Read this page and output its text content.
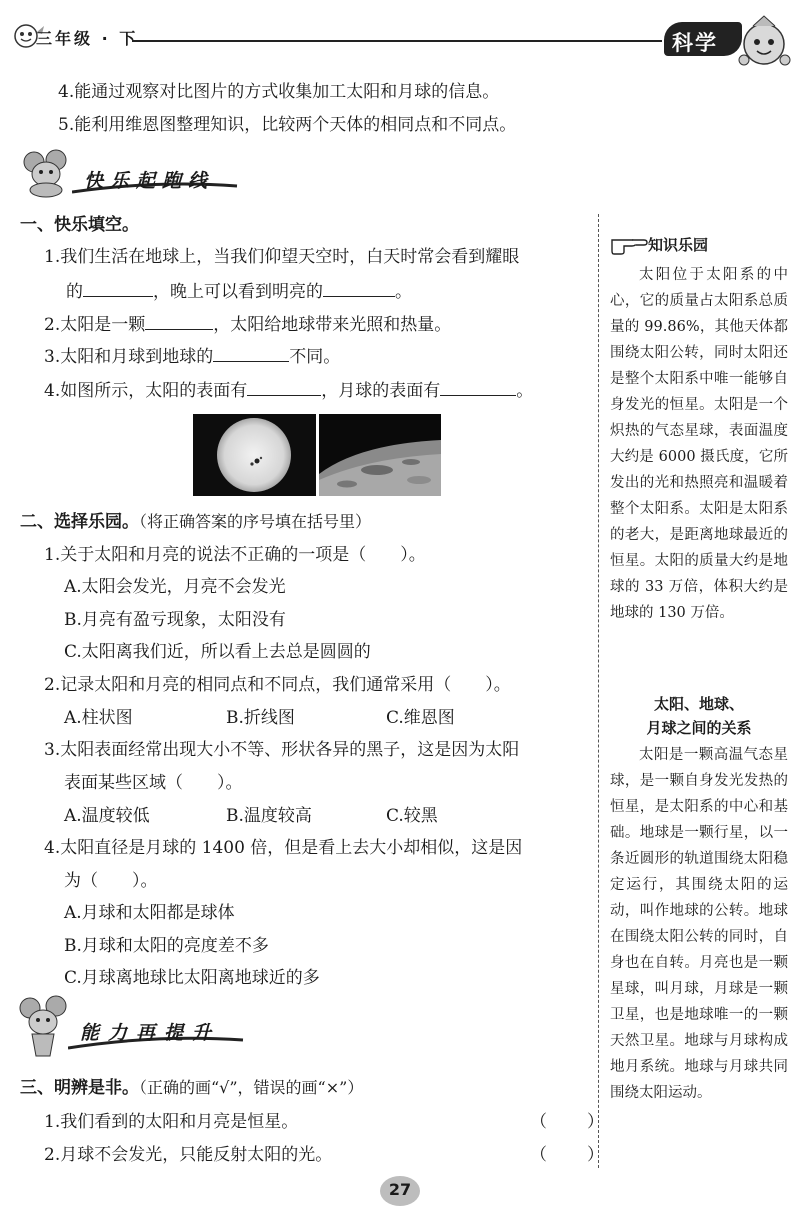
三年级 · 下	科学
4.能通过观察对比图片的方式收集加工太阳和月球的信息。
5.能利用维恩图整理知识，比较两个天体的相同点和不同点。
快乐起跑线
一、快乐填空。
1.我们生活在地球上，当我们仰望天空时，白天时常会看到耀眼
的	，晚上可以看到明亮的	。
2.太阳是一颗	，太阳给地球带来光照和热量。
3.太阳和月球到地球的	不同。
4.如图所示，太阳的表面有	，月球的表面有	。
二、选择乐园。（将正确答案的序号填在括号里）
1.关于太阳和月亮的说法不正确的一项是（　　）。
A.太阳会发光，月亮不会发光
B.月亮有盈亏现象，太阳没有
C.太阳离我们近，所以看上去总是圆圆的
2.记录太阳和月亮的相同点和不同点，我们通常采用（　　）。
A.柱状图	B.折线图	C.维恩图
3.太阳表面经常出现大小不等、形状各异的黑子，这是因为太阳
表面某些区域（　　）。
A.温度较低	B.温度较高	C.较黑
4.太阳直径是月球的 1400 倍，但是看上去大小却相似，这是因
为（　　）。
A.月球和太阳都是球体
B.月球和太阳的亮度差不多
C.月球离地球比太阳离地球近的多
能力再提升
三、明辨是非。（正确的画“√”，错误的画“×”）
1.我们看到的太阳和月亮是恒星。	（ ）
2.月球不会发光，只能反射太阳的光。	（ ）
知识乐园

太阳位于太阳系的中心，它的质量占太阳系总质量的 99.86%，其他天体都围绕太阳公转，同时太阳还是整个太阳系中唯一能够自身发光的恒星。太阳是一个炽热的气态星球，表面温度大约是 6000 摄氏度，它所发出的光和热照亮和温暖着整个太阳系。太阳是太阳系的老大，是距离地球最近的恒星。太阳的质量大约是地球的 33 万倍，体积大约是地球的 130 万倍。

太阳、地球、
月球之间的关系

太阳是一颗高温气态星球，是一颗自身发光发热的恒星，是太阳系的中心和基础。地球是一颗行星，以一条近圆形的轨道围绕太阳稳定运行，其围绕太阳的运动，叫作地球的公转。地球在围绕太阳公转的同时，自身也在自转。月亮也是一颗星球，叫月球，月球是一颗卫星，也是地球唯一的一颗天然卫星。地球与月球构成地月系统。地球与月球共同围绕太阳运动。

27
